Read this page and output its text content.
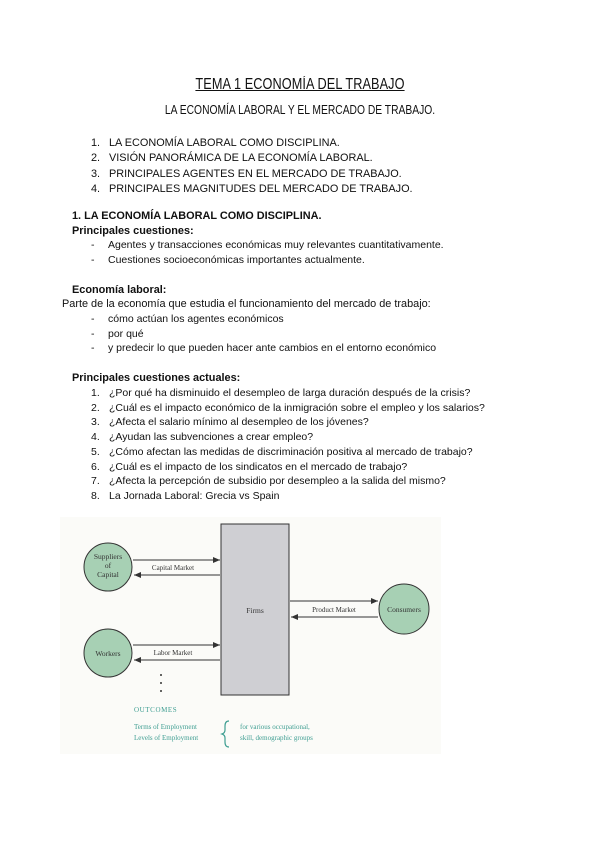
TEMA 1 ECONOMÍA DEL TRABAJO
LA ECONOMÍA LABORAL Y EL MERCADO DE TRABAJO.
1. LA ECONOMÍA LABORAL COMO DISCIPLINA.
2. VISIÓN PANORÁMICA DE LA ECONOMÍA LABORAL.
3. PRINCIPALES AGENTES EN EL MERCADO DE TRABAJO.
4. PRINCIPALES MAGNITUDES DEL MERCADO DE TRABAJO.
1. LA ECONOMÍA LABORAL COMO DISCIPLINA.
Principales cuestiones:
- Agentes y transacciones económicas muy relevantes cuantitativamente.
- Cuestiones socioeconómicas importantes actualmente.
Economía laboral:
Parte de la economía que estudia el funcionamiento del mercado de trabajo:
- cómo actúan los agentes económicos
- por qué
- y predecir lo que pueden hacer ante cambios en el entorno económico
Principales cuestiones actuales:
1. ¿Por qué ha disminuido el desempleo de larga duración después de la crisis?
2. ¿Cuál es el impacto económico de la inmigración sobre el empleo y los salarios?
3. ¿Afecta el salario mínimo al desempleo de los jóvenes?
4. ¿Ayudan las subvenciones a crear empleo?
5. ¿Cómo afectan las medidas de discriminación positiva al mercado de trabajo?
6. ¿Cuál es el impacto de los sindicatos en el mercado de trabajo?
7. ¿Afecta la percepción de subsidio por desempleo a la salida del mismo?
8. La Jornada Laboral: Grecia vs Spain
Firms
Suppliers
of
Capital
Capital Market
Consumers
Product Market
Workers	Labor Market
OUTCOMES
Terms of Employment
Levels of Employment
for various occupational,
skill, demographic groups
